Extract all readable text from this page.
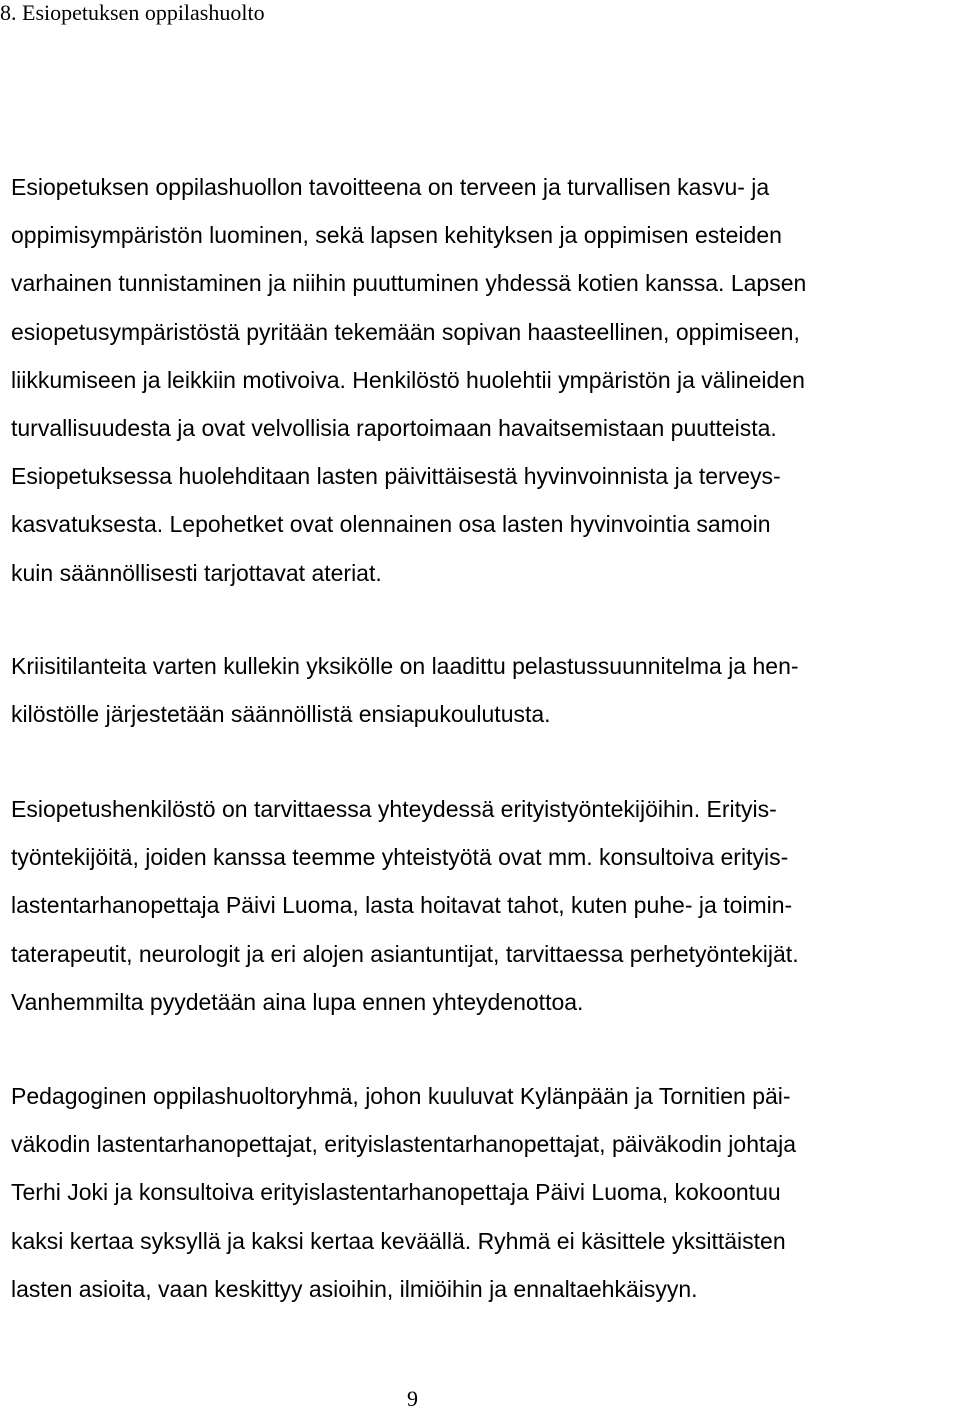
8. Esiopetuksen oppilashuolto
Esiopetuksen oppilashuollon tavoitteena on terveen ja turvallisen kasvu- ja
oppimisympäristön luominen, sekä lapsen kehityksen ja oppimisen esteiden
varhainen tunnistaminen ja niihin puuttuminen yhdessä kotien kanssa. Lapsen
esiopetusympäristöstä pyritään tekemään sopivan haasteellinen, oppimiseen,
liikkumiseen ja leikkiin motivoiva. Henkilöstö huolehtii ympäristön ja välineiden
turvallisuudesta ja ovat velvollisia raportoimaan havaitsemistaan puutteista.
Esiopetuksessa huolehditaan lasten päivittäisestä hyvinvoinnista ja terveys-
kasvatuksesta. Lepohetket ovat olennainen osa lasten hyvinvointia samoin
kuin säännöllisesti tarjottavat ateriat.
Kriisitilanteita varten kullekin yksikölle on laadittu pelastussuunnitelma ja hen-
kilöstölle järjestetään säännöllistä ensiapukoulutusta.
Esiopetushenkilöstö on tarvittaessa yhteydessä erityistyöntekijöihin. Erityis-
työntekijöitä, joiden kanssa teemme yhteistyötä ovat mm. konsultoiva erityis-
lastentarhanopettaja Päivi Luoma, lasta hoitavat tahot, kuten puhe- ja toimin-
taterapeutit, neurologit ja eri alojen asiantuntijat, tarvittaessa perhetyöntekijät.
Vanhemmilta pyydetään aina lupa ennen yhteydenottoa.
Pedagoginen oppilashuoltoryhmä, johon kuuluvat Kylänpään ja Tornitien päi-
väkodin lastentarhanopettajat, erityislastentarhanopettajat, päiväkodin johtaja
Terhi Joki ja konsultoiva erityislastentarhanopettaja Päivi Luoma, kokoontuu
kaksi kertaa syksyllä ja kaksi kertaa keväällä. Ryhmä ei käsittele yksittäisten
lasten asioita, vaan keskittyy asioihin, ilmiöihin ja ennaltaehkäisyyn.

9
